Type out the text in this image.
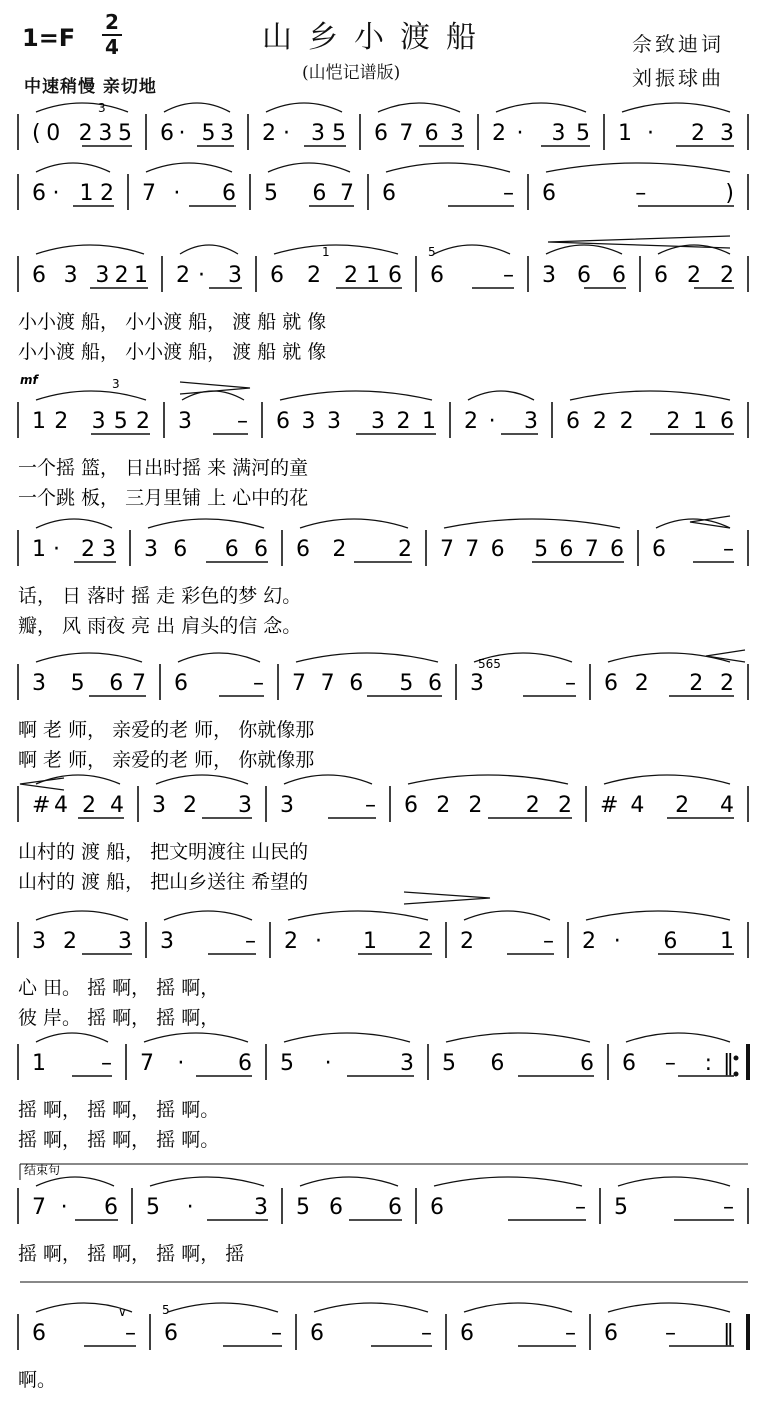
1=F
2
4	山乡小渡船
(山恺记谱版)
佘致迪词
刘振球曲
中速稍慢 亲切地
(0 235 6· 53 2· 35 6763 2· 35 1· 23
6· 12 7· 6 5 67 6 – 6 – )
6 3 321 2· 3 6 2 216 6 – 3 6 6 6 2 2
小小渡 船， 小小渡 船， 渡 船 就 像
小小渡 船， 小小渡 船， 渡 船 就 像
12 352 3 – 633 321 2· 3 622 216
一个摇 篮， 日出时摇 来 满河的童
一个跳 板， 三月里铺 上 心中的花
1· 23 36 66 62 2 776 5676 6 –
话， 日 落时 摇 走 彩色的梦 幻。
瓣， 风 雨夜 亮 出 肩头的信 念。
3 5 67 6 – 776 56 3 – 62 22
啊 老 师， 亲爱的老 师， 你就像那
啊 老 师， 亲爱的老 师， 你就像那
#4 2 4 32 3 3 – 622 22 #4 2 4
山村的 渡 船， 把文明渡往 山民的
山村的 渡 船， 把山乡送往 希望的
32 3 3 – 2· 1 2 2 – 2· 6 1
心 田。 摇 啊， 摇 啊，
彼 岸。 摇 啊， 摇 啊，
1 – 7· 6 5· 3 56 6 6 – :‖
摇 啊， 摇 啊， 摇 啊。
摇 啊， 摇 啊， 摇 啊。
7· 6 5· 3 56 6 6 – 5 –
摇 啊， 摇 啊， 摇 啊， 摇
6 – 6 – 6 – 6 – 6 – ‖
啊。
3
3
mf
1	5
565
5
∨
结束句
